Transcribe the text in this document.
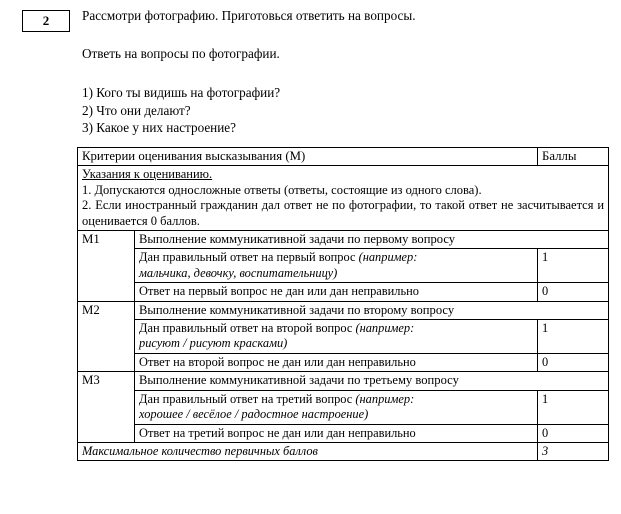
2 Рассмотри фотографию. Приготовься ответить на вопросы.

Ответь на вопросы по фотографии.

1) Кого ты видишь на фотографии?

2) Что они делают?

3) Какое у них настроение?

Критерии оценивания высказывания (М)		Баллы

Указания к оцениванию.

1. Допускаются односложные ответы (ответы, состоящие из одного слова).

2. Если иностранный гражданин дал ответ не по фотографии, то такой ответ не засчитывается и оценивается 0 баллов.		

М1	Выполнение коммуникативной задачи по первому вопросу	
	Дан правильный ответ на первый вопрос (например:
мальчика, девочку, воспитательницу)	1
	Ответ на первый вопрос не дан или дан неправильно	0
М2	Выполнение коммуникативной задачи по второму вопросу	
	Дан правильный ответ на второй вопрос (например:
рисуют / рисуют красками)	1
	Ответ на второй вопрос не дан или дан неправильно	0
М3	Выполнение коммуникативной задачи по третьему вопросу	
	Дан правильный ответ на третий вопрос (например:
хорошее / весёлое / радостное настроение)	1
	Ответ на третий вопрос не дан или дан неправильно	0
Максимальное количество первичных баллов		3
